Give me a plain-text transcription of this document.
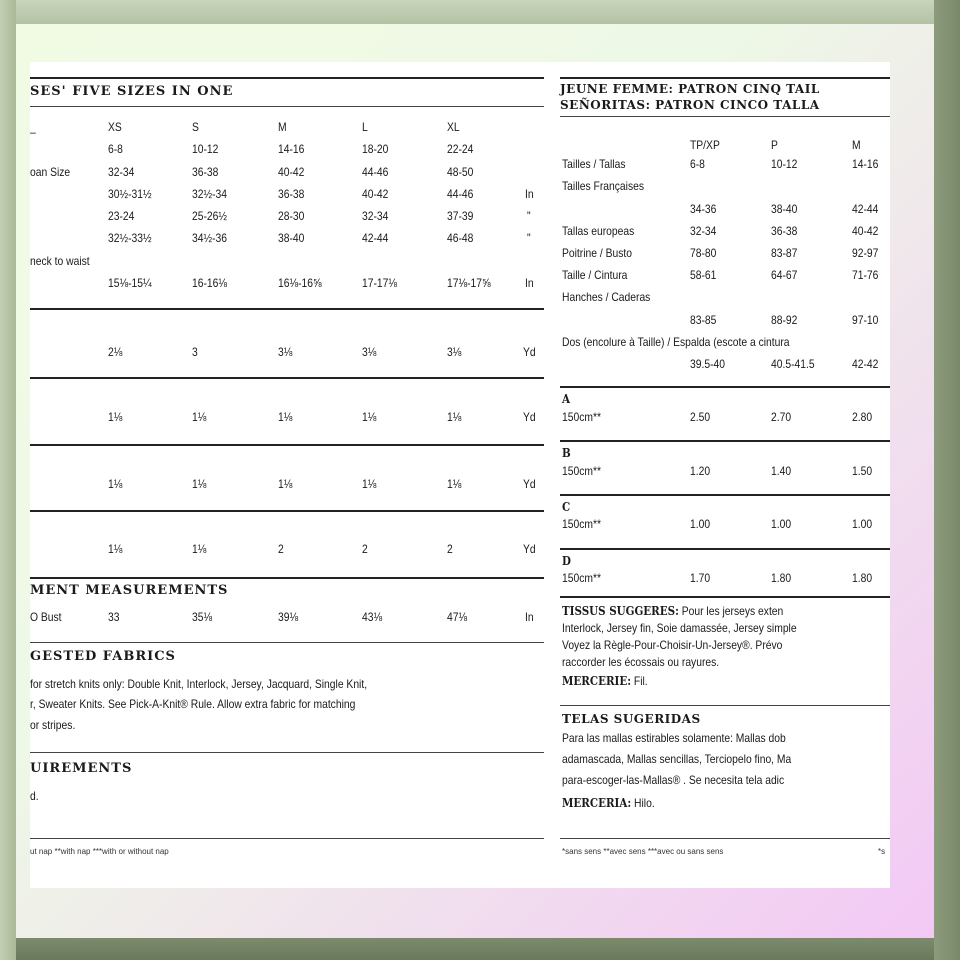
SES' FIVE SIZES IN ONE
_	XS	S	M	L	XL
6-8	10-12	14-16	18-20	22-24
oan Size	32-34	36-38	40-42	44-46	48-50
30½-31½	32½-34	36-38	40-42	44-46	In
23-24	25-26½	28-30	32-34	37-39	"
32½-33½	34½-36	38-40	42-44	46-48	"
neck to waist
15⅛-15¼	16-16⅛	16⅛-16⅝	17-17⅛	17⅛-17⅝	In
2⅛	3	3⅛	3⅛	3⅛	Yd
1⅛	1⅛	1⅛	1⅛	1⅛	Yd
1⅛	1⅛	1⅛	1⅛	1⅛	Yd
1⅛	1⅛	2	2	2	Yd
MENT MEASUREMENTS
O Bust	33	35⅛	39⅛	43⅛	47⅛	In
GESTED FABRICS
for stretch knits only: Double Knit, Interlock, Jersey, Jacquard, Single Knit,
r, Sweater Knits. See Pick-A-Knit® Rule. Allow extra fabric for matching
or stripes.
UIREMENTS
d.
ut nap **with nap ***with or without nap
JEUNE FEMME: PATRON CINQ TAIL
SEÑORITAS: PATRON CINCO TALLA
TP/XP	P	M
Tailles / Tallas	6-8	10-12	14-16
Tailles Françaises
34-36	38-40	42-44
Tallas europeas	32-34	36-38	40-42
Poitrine / Busto	78-80	83-87	92-97
Taille / Cintura	58-61	64-67	71-76
Hanches / Caderas
83-85	88-92	97-10
Dos (encolure à Taille) / Espalda (escote a cintura
39.5-40	40.5-41.5	42-42
A
150cm**	2.50	2.70	2.80
B
150cm**	1.20	1.40	1.50
C
150cm**	1.00	1.00	1.00
D
150cm**	1.70	1.80	1.80
TISSUS SUGGERES: Pour les jerseys exten
Interlock, Jersey fin, Soie damassée, Jersey simple
Voyez la Règle-Pour-Choisir-Un-Jersey®. Prévo
raccorder les écossais ou rayures.
MERCERIE: Fil.
TELAS SUGERIDAS
Para las mallas estirables solamente: Mallas dob
adamascada, Mallas sencillas, Terciopelo fino, Ma
para-escoger-las-Mallas® . Se necesita tela adic
MERCERIA: Hilo.
*sans sens **avec sens ***avec ou sans sens	*s
